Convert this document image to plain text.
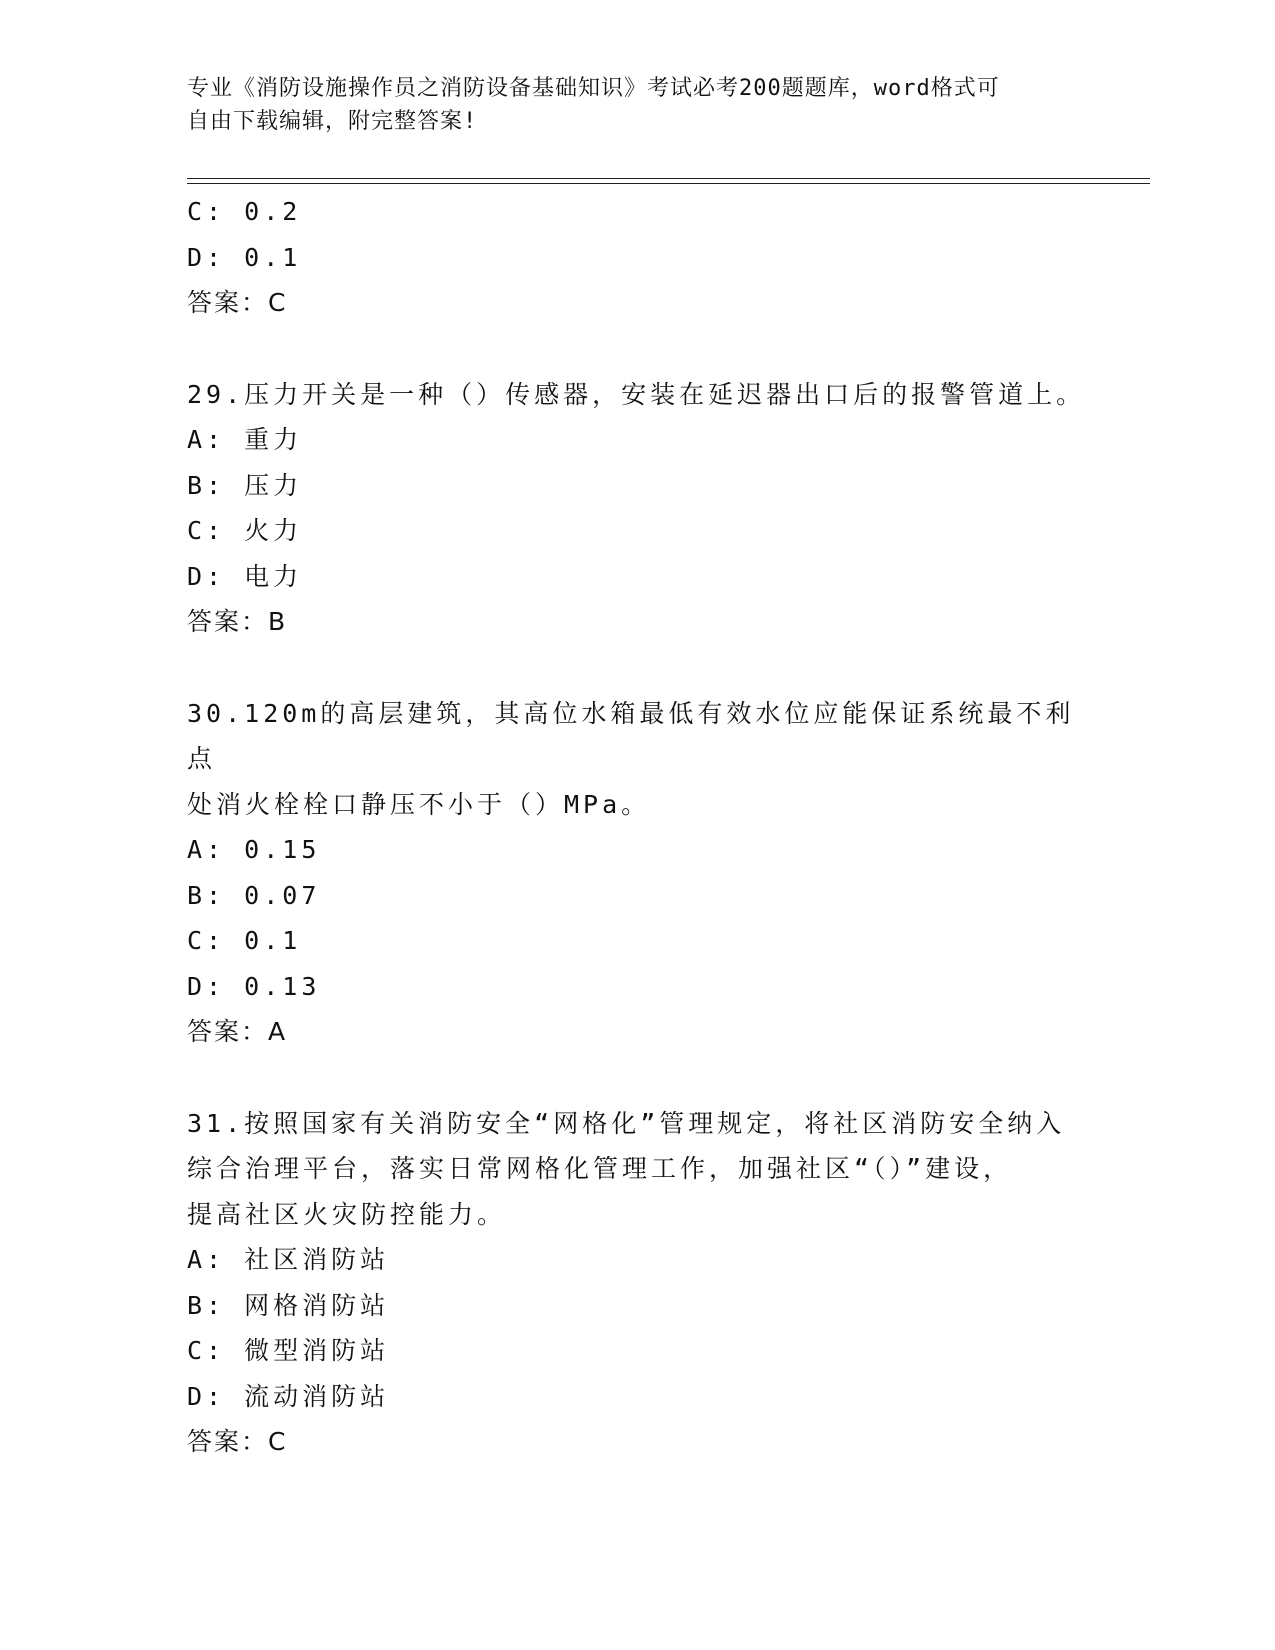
专业《消防设施操作员之消防设备基础知识》考试必考200题题库，word格式可
自由下载编辑，附完整答案!
C: 0.2
D: 0.1
答案：C
29.压力开关是一种（）传感器，安装在延迟器出口后的报警管道上。
A: 重力
B: 压力
C: 火力
D: 电力
答案：B
30.120m的高层建筑，其高位水箱最低有效水位应能保证系统最不利点
处消火栓栓口静压不小于（）MPa。
A: 0.15
B: 0.07
C: 0.1
D: 0.13
答案：A
31.按照国家有关消防安全“网格化”管理规定，将社区消防安全纳入
综合治理平台，落实日常网格化管理工作，加强社区“（）”建设，
提高社区火灾防控能力。
A: 社区消防站
B: 网格消防站
C: 微型消防站
D: 流动消防站
答案：C
